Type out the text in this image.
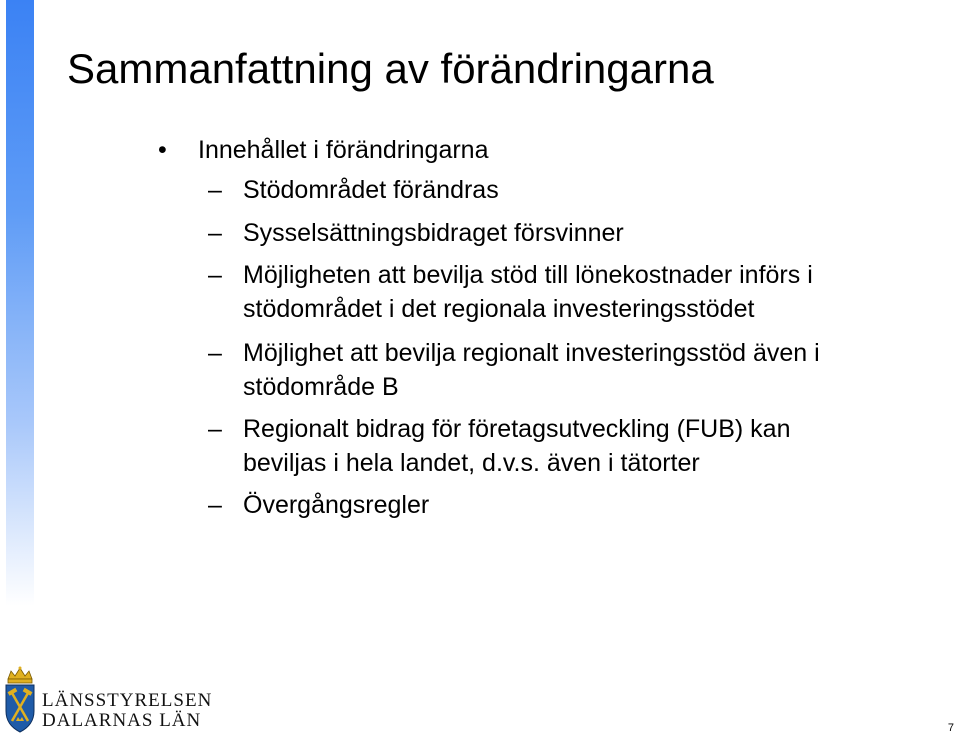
Sammanfattning av förändringarna
• Innehållet i förändringarna
– Stödområdet förändras
– Sysselsättningsbidraget försvinner
– Möjligheten att bevilja stöd till lönekostnader införs i
stödområdet i det regionala investeringsstödet
– Möjlighet att bevilja regionalt investeringsstöd även i
stödområde B
– Regionalt bidrag för företagsutveckling (FUB) kan
beviljas i hela landet, d.v.s. även i tätorter
– Övergångsregler
LÄNSSTYRELSEN
DALARNAS LÄN	7
